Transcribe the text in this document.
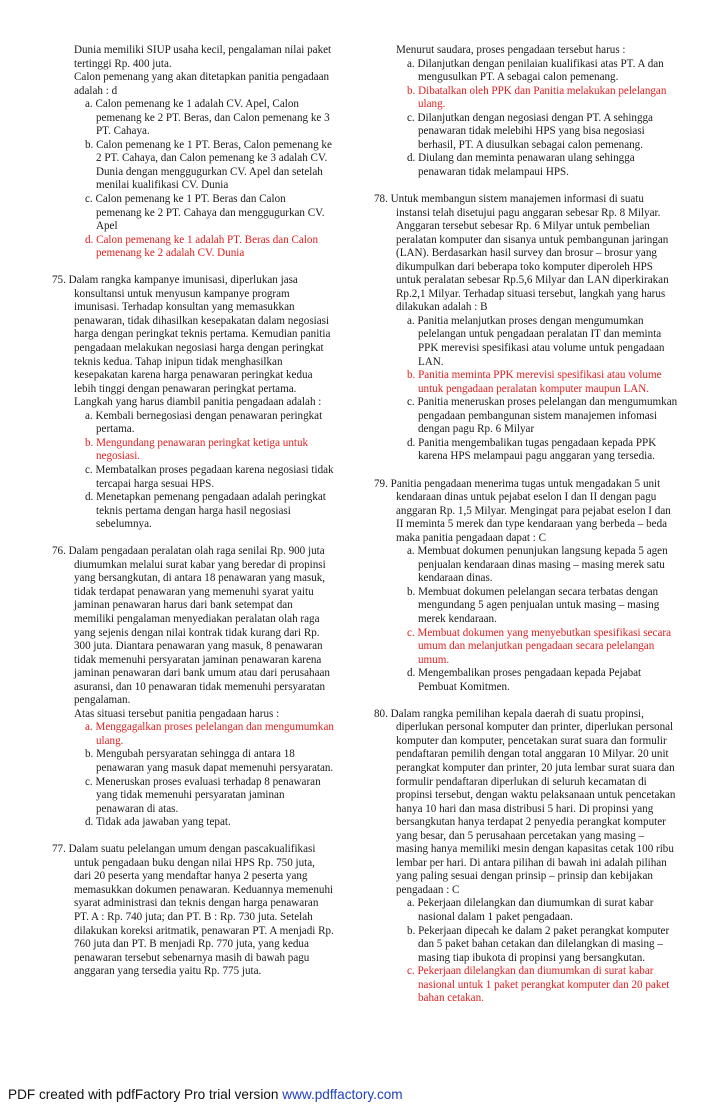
Dunia memiliki SIUP usaha kecil, pengalaman nilai paket tertinggi Rp. 400 juta.
Calon pemenang yang akan ditetapkan panitia pengadaan adalah : d
a. Calon pemenang ke 1 adalah CV. Apel, Calon pemenang ke 2 PT. Beras, dan Calon pemenang ke 3 PT. Cahaya.
b. Calon pemenang ke 1 PT. Beras, Calon pemenang ke 2 PT. Cahaya, dan Calon pemenang ke 3 adalah CV. Dunia dengan menggugurkan CV. Apel dan setelah menilai kualifikasi CV. Dunia
c. Calon pemenang ke 1 PT. Beras dan Calon pemenang ke 2 PT. Cahaya dan menggugurkan CV. Apel
d. Calon pemenang ke 1 adalah PT. Beras dan Calon pemenang ke 2 adalah CV. Dunia
75. Dalam rangka kampanye imunisasi, diperlukan jasa konsultansi untuk menyusun kampanye program imunisasi. Terhadap konsultan yang memasukkan penawaran, tidak dihasilkan kesepakatan dalam negosiasi harga dengan peringkat teknis pertama. Kemudian panitia pengadaan melakukan negosiasi harga dengan peringkat teknis kedua. Tahap inipun tidak menghasilkan kesepakatan karena harga penawaran peringkat kedua lebih tinggi dengan penawaran peringkat pertama. Langkah yang harus diambil panitia pengadaan adalah :
a. Kembali bernegosiasi dengan penawaran peringkat pertama.
b. Mengundang penawaran peringkat ketiga untuk negosiasi.
c. Membatalkan proses pegadaan karena negosiasi tidak tercapai harga sesuai HPS.
d. Menetapkan pemenang pengadaan adalah peringkat teknis pertama dengan harga hasil negosiasi sebelumnya.
76. Dalam pengadaan peralatan olah raga senilai Rp. 900 juta diumumkan melalui surat kabar yang beredar di propinsi yang bersangkutan, di antara 18 penawaran yang masuk, tidak terdapat penawaran yang memenuhi syarat yaitu jaminan penawaran harus dari bank setempat dan memiliki pengalaman menyediakan peralatan olah raga yang sejenis dengan nilai kontrak tidak kurang dari Rp. 300 juta. Diantara penawaran yang masuk, 8 penawaran tidak memenuhi persyaratan jaminan penawaran karena jaminan penawaran dari bank umum atau dari perusahaan asuransi, dan 10 penawaran tidak memenuhi persyaratan pengalaman.
Atas situasi tersebut panitia pengadaan harus :
a. Menggagalkan proses pelelangan dan mengumumkan ulang.
b. Mengubah persyaratan sehingga di antara 18 penawaran yang masuk dapat memenuhi persyaratan.
c. Meneruskan proses evaluasi terhadap 8 penawaran yang tidak memenuhi persyaratan jaminan penawaran di atas.
d. Tidak ada jawaban yang tepat.
77. Dalam suatu pelelangan umum dengan pascakualifikasi untuk pengadaan buku dengan nilai HPS Rp. 750 juta, dari 20 peserta yang mendaftar hanya 2 peserta yang memasukkan dokumen penawaran. Keduannya memenuhi syarat administrasi dan teknis dengan harga penawaran PT. A : Rp. 740 juta; dan PT. B : Rp. 730 juta. Setelah dilakukan koreksi aritmatik, penawaran PT. A menjadi Rp. 760 juta dan PT. B menjadi Rp. 770 juta, yang kedua penawaran tersebut sebenarnya masih di bawah pagu anggaran yang tersedia yaitu Rp. 775 juta.
Menurut saudara, proses pengadaan tersebut harus :
a. Dilanjutkan dengan penilaian kualifikasi atas PT. A dan mengusulkan PT. A sebagai calon pemenang.
b. Dibatalkan oleh PPK dan Panitia melakukan pelelangan ulang.
c. Dilanjutkan dengan negosiasi dengan PT. A sehingga penawaran tidak melebihi HPS yang bisa negosiasi berhasil, PT. A diusulkan sebagai calon pemenang.
d. Diulang dan meminta penawaran ulang sehingga penawaran tidak melampaui HPS.
78. Untuk membangun sistem manajemen informasi di suatu instansi telah disetujui pagu anggaran sebesar Rp. 8 Milyar. Anggaran tersebut sebesar Rp. 6 Milyar untuk pembelian peralatan komputer dan sisanya untuk pembangunan jaringan (LAN). Berdasarkan hasil survey dan brosur – brosur yang dikumpulkan dari beberapa toko komputer diperoleh HPS untuk peralatan sebesar Rp.5,6 Milyar dan LAN diperkirakan Rp.2,1 Milyar. Terhadap situasi tersebut, langkah yang harus dilakukan adalah : B
a. Panitia melanjutkan proses dengan mengumumkan pelelangan untuk pengadaan peralatan IT dan meminta PPK merevisi spesifikasi atau volume untuk pengadaan LAN.
b. Panitia meminta PPK merevisi spesifikasi atau volume untuk pengadaan peralatan komputer maupun LAN.
c. Panitia meneruskan proses pelelangan dan mengumumkan pengadaan pembangunan sistem manajemen infomasi dengan pagu Rp. 6 Milyar
d. Panitia mengembalikan tugas pengadaan kepada PPK karena HPS melampaui pagu anggaran yang tersedia.
79. Panitia pengadaan menerima tugas untuk mengadakan 5 unit kendaraan dinas untuk pejabat eselon I dan II dengan pagu anggaran Rp. 1,5 Milyar. Mengingat para pejabat eselon I dan II meminta 5 merek dan type kendaraan yang berbeda – beda maka panitia pengadaan dapat : C
a. Membuat dokumen penunjukan langsung kepada 5 agen penjualan kendaraan dinas masing – masing merek satu kendaraan dinas.
b. Membuat dokumen pelelangan secara terbatas dengan mengundang 5 agen penjualan untuk masing – masing merek kendaraan.
c. Membuat dokumen yang menyebutkan spesifikasi secara umum dan melanjutkan pengadaan secara pelelangan umum.
d. Mengembalikan proses pengadaan kepada Pejabat Pembuat Komitmen.
80. Dalam rangka pemilihan kepala daerah di suatu propinsi, diperlukan personal komputer dan printer, diperlukan personal komputer dan komputer, pencetakan surat suara dan formulir pendaftaran pemilih dengan total anggaran 10 Milyar. 20 unit perangkat komputer dan printer, 20 juta lembar surat suara dan formulir pendaftaran diperlukan di seluruh kecamatan di propinsi tersebut, dengan waktu pelaksanaan untuk pencetakan hanya 10 hari dan masa distribusi 5 hari. Di propinsi yang bersangkutan hanya terdapat 2 penyedia perangkat komputer yang besar, dan 5 perusahaan percetakan yang masing – masing hanya memiliki mesin dengan kapasitas cetak 100 ribu lembar per hari. Di antara pilihan di bawah ini adalah pilihan yang paling sesuai dengan prinsip – prinsip dan kebijakan pengadaan : C
a. Pekerjaan dilelangkan dan diumumkan di surat kabar nasional dalam 1 paket pengadaan.
b. Pekerjaan dipecah ke dalam 2 paket perangkat komputer dan 5 paket bahan cetakan dan dilelangkan di masing – masing tiap ibukota di propinsi yang bersangkutan.
c. Pekerjaan dilelangkan dan diumumkan di surat kabar nasional untuk 1 paket perangkat komputer dan 20 paket bahan cetakan.
PDF created with pdfFactory Pro trial version www.pdffactory.com
